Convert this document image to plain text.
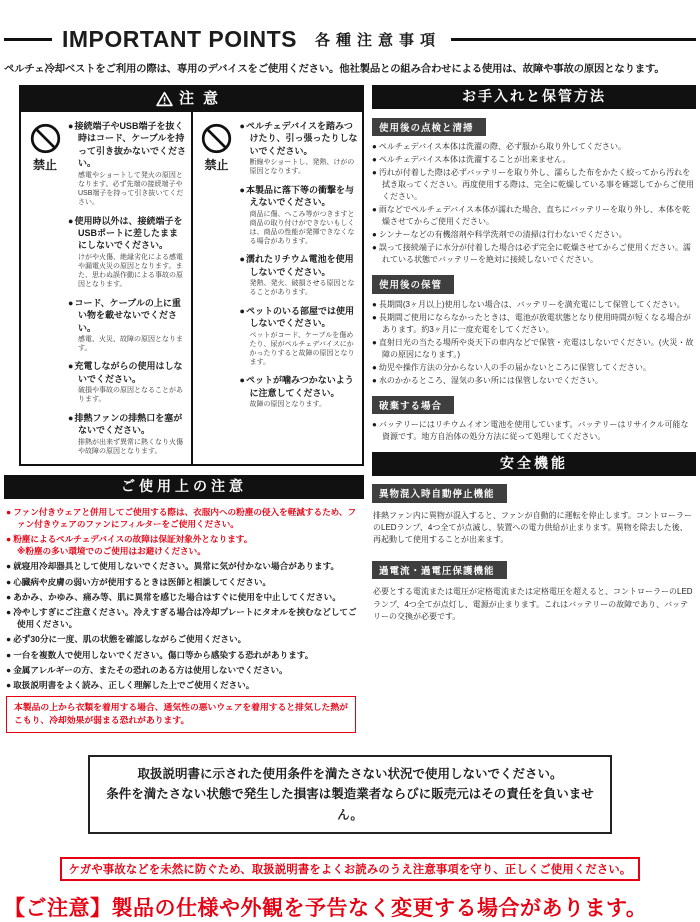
IMPORTANT POINTS 各種注意事項

ペルチェ冷却ベストをご利用の際は、専用のデバイスをご使用ください。他社製品との組み合わせによる使用は、故障や事故の原因となります。

注意
禁止
● 接続端子やUSB端子を抜く時はコード、ケーブルを持って引き抜かないでください。
感電やショートして発火の原因となります。必ず先端の接続端子やUSB端子を持って引き抜いてください。
● 使用時以外は、接続端子をUSBポートに差したままにしないでください。
けがや火傷、絶縁劣化による感電や漏電火災の原因となります。また、思わぬ誤作動による事故の原因となります。
● コード、ケーブルの上に重い物を載せないでください。
感電、火災、故障の原因となります。
● 充電しながらの使用はしないでください。
破損や事故の原因となることがあります。
● 排熱ファンの排熱口を塞がないでください。
排熱が出来ず異常に熱くなり火傷や故障の原因となります。
禁止
● ペルチェデバイスを踏みつけたり、引っ張ったりしないでください。
断線やショートし、発熱、けがの原因となります。
● 本製品に落下等の衝撃を与えないでください。
商品に傷、へこみ等がつきますと商品の取り付けができないもしくは、商品の性能が発揮できなくなる場合があります。
● 濡れたリチウム電池を使用しないでください。
発熱、発火、破損させる原因となることがあります。
● ペットのいる部屋では使用しないでください。
ペットがコード、ケーブルを傷めたり、尿がペルチェデバイスにかかったりすると故障の原因となります。
● ペットが噛みつかないように注意してください。
故障の原因となります。
ご使用上の注意
● ファン付きウェアと併用してご使用する際は、衣服内への粉塵の侵入を軽減するため、ファン付きウェアのファンにフィルターをご使用ください。
● 粉塵によるペルチェデバイスの故障は保証対象外となります。
※粉塵の多い環境でのご使用はお避けください。
● 就寝用冷却器具として使用しないでください。異常に気が付かない場合があります。
● 心臓病や皮膚の弱い方が使用するときは医師と相談してください。
● あかみ、かゆみ、痛み等、肌に異常を感じた場合はすぐに使用を中止してください。
● 冷やしすぎにご注意ください。冷えすぎる場合は冷却プレートにタオルを挟むなどしてご使用ください。
● 必ず30分に一度、肌の状態を確認しながらご使用ください。
● 一台を複数人で使用しないでください。傷口等から感染する恐れがあります。
● 金属アレルギーの方、またその恐れのある方は使用しないでください。
● 取扱説明書をよく読み、正しく理解した上でご使用ください。
本製品の上から衣類を着用する場合、通気性の悪いウェアを着用すると排気した熱がこもり、冷却効果が弱まる恐れがあります。
お手入れと保管方法
使用後の点検と清掃
● ペルチェデバイス本体は洗濯の際、必ず服から取り外してください。
● ペルチェデバイス本体は洗濯することが出来ません。
● 汚れが付着した際は必ずバッテリーを取り外し、濡らした布をかたく絞ってから汚れを拭き取ってください。再度使用する際は、完全に乾燥している事を確認してからご使用ください。
● 雨などでペルチェデバイス本体が濡れた場合、直ちにバッテリーを取り外し、本体を乾燥させてからご使用ください。
● シンナーなどの有機溶剤や科学洗剤での清掃は行わないでください。
● 誤って接続端子に水分が付着した場合は必ず完全に乾燥させてからご使用ください。濡れている状態でバッテリーを絶対に接続しないでください。
使用後の保管
● 長期間(3ヶ月以上)使用しない場合は、バッテリーを満充電にして保管してください。
● 長期間ご使用にならなかったときは、電池が放電状態となり使用時間が短くなる場合があります。約3ヶ月に一度充電をしてください。
● 直射日光の当たる場所や炎天下の車内などで保管・充電はしないでください。(火災・故障の原因になります。)
● 幼児や操作方法の分からない人の手の届かないところに保管してください。
● 水のかかるところ、湿気の多い所には保管しないでください。
破棄する場合
● バッテリーにはリチウムイオン電池を使用しています。バッテリーはリサイクル可能な資源です。地方自治体の処分方法に従って処理してください。
安全機能
異物混入時自動停止機能
排熱ファン内に異物が混入すると、ファンが自動的に運転を停止します。コントローラーのLEDランプ、4つ全てが点滅し、装置への電力供給が止まります。異物を除去した後、再起動して使用することが出来ます。
過電流・過電圧保護機能
必要とする電流または電圧が定格電流または定格電圧を超えると、コントローラーのLEDランプ、4つ全てが点灯し、電源が止まります。これはバッテリーの故障であり、バッテリーの交換が必要です。
取扱説明書に示された使用条件を満たさない状況で使用しないでください。
条件を満たさない状態で発生した損害は製造業者ならびに販売元はその責任を負いません。
ケガや事故などを未然に防ぐため、取扱説明書をよくお読みのうえ注意事項を守り、正しくご使用ください。
【ご注意】製品の仕様や外観を予告なく変更する場合があります。
